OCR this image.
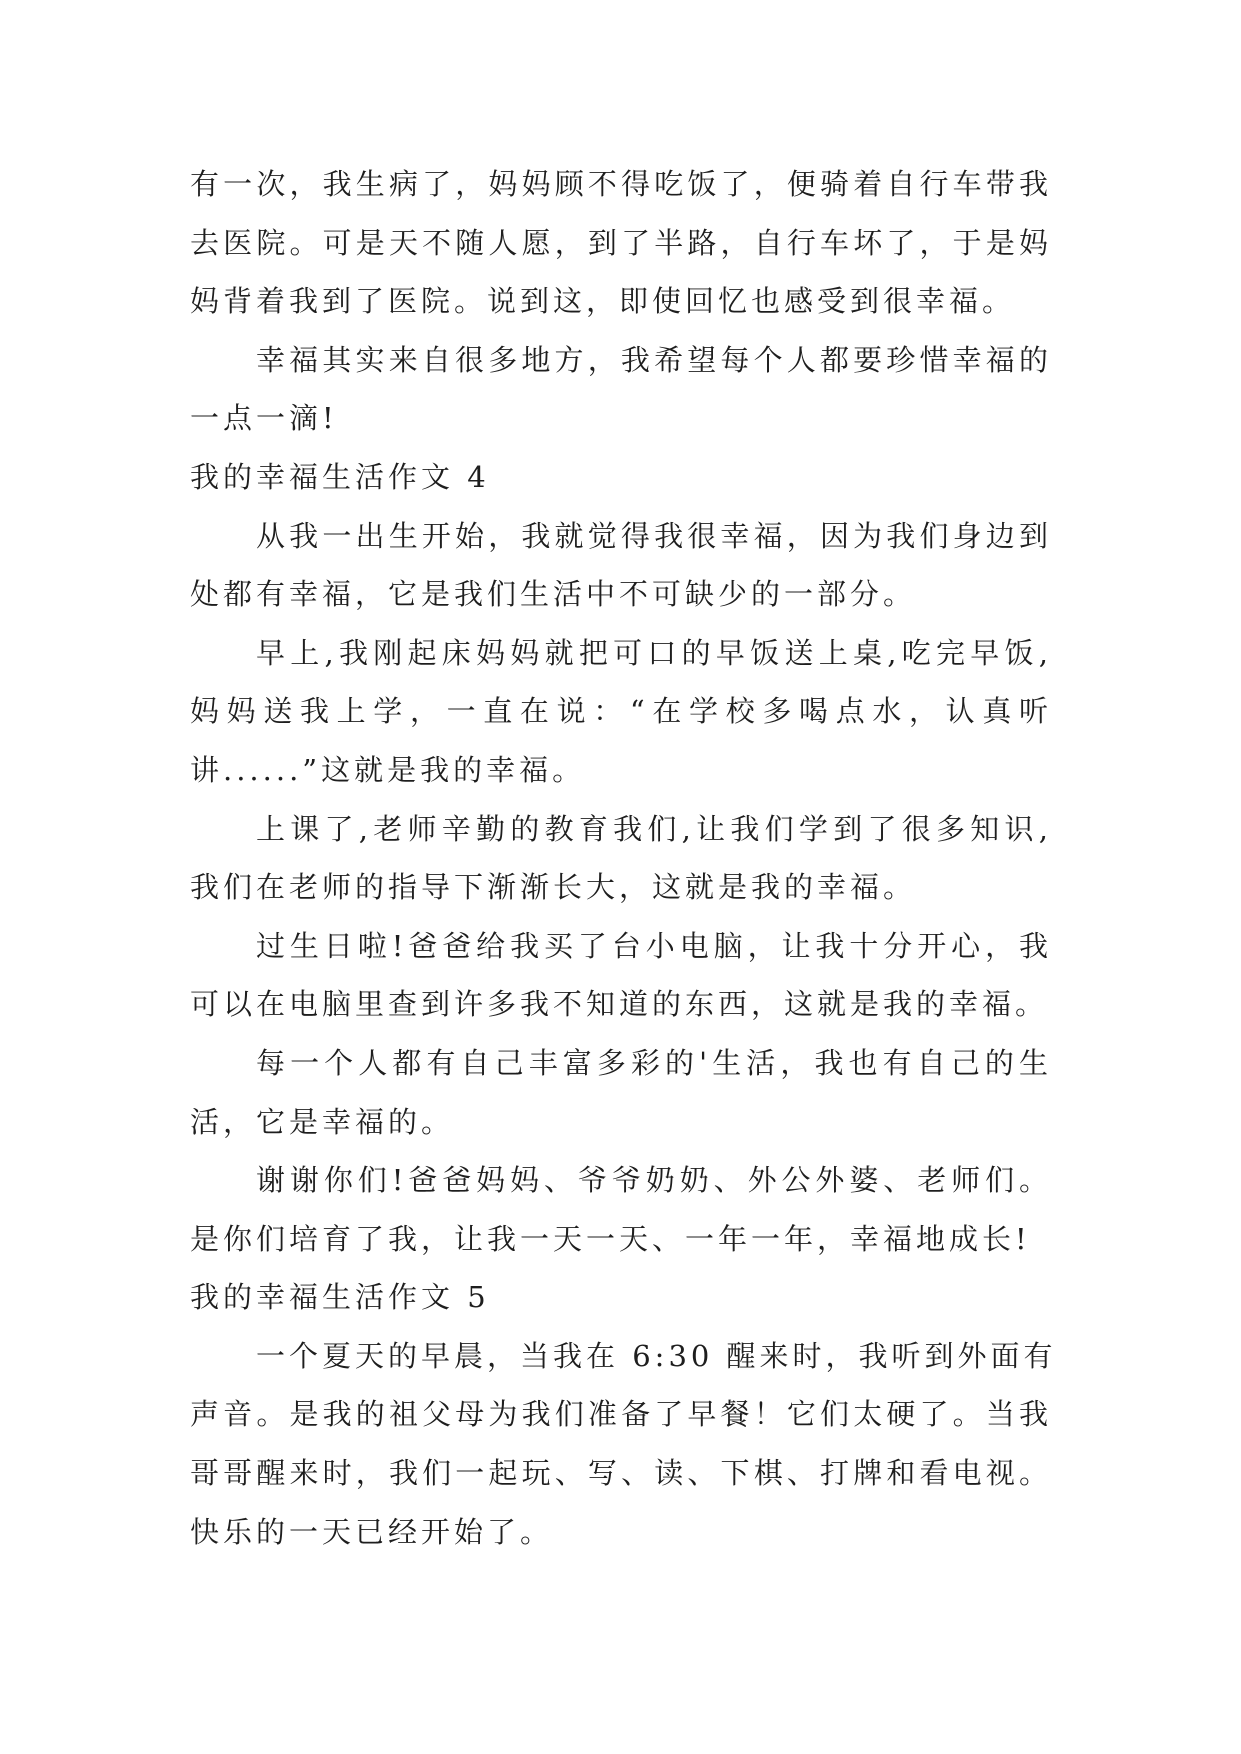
有一次，我生病了，妈妈顾不得吃饭了，便骑着自行车带我
去医院。可是天不随人愿，到了半路，自行车坏了，于是妈
妈背着我到了医院。说到这，即使回忆也感受到很幸福。
幸福其实来自很多地方，我希望每个人都要珍惜幸福的
一点一滴!
我的幸福生活作文 4
从我一出生开始，我就觉得我很幸福，因为我们身边到
处都有幸福，它是我们生活中不可缺少的一部分。
早上,我刚起床妈妈就把可口的早饭送上桌,吃完早饭,
妈妈送我上学，一直在说：“在学校多喝点水，认真听
讲......”这就是我的幸福。
上课了,老师辛勤的教育我们,让我们学到了很多知识,
我们在老师的指导下渐渐长大，这就是我的幸福。
过生日啦!爸爸给我买了台小电脑，让我十分开心，我
可以在电脑里查到许多我不知道的东西，这就是我的幸福。
每一个人都有自己丰富多彩的'生活，我也有自己的生
活，它是幸福的。
谢谢你们!爸爸妈妈、爷爷奶奶、外公外婆、老师们。
是你们培育了我，让我一天一天、一年一年，幸福地成长!
我的幸福生活作文 5
一个夏天的早晨，当我在 6:30 醒来时，我听到外面有
声音。是我的祖父母为我们准备了早餐！它们太硬了。当我
哥哥醒来时，我们一起玩、写、读、下棋、打牌和看电视。
快乐的一天已经开始了。
